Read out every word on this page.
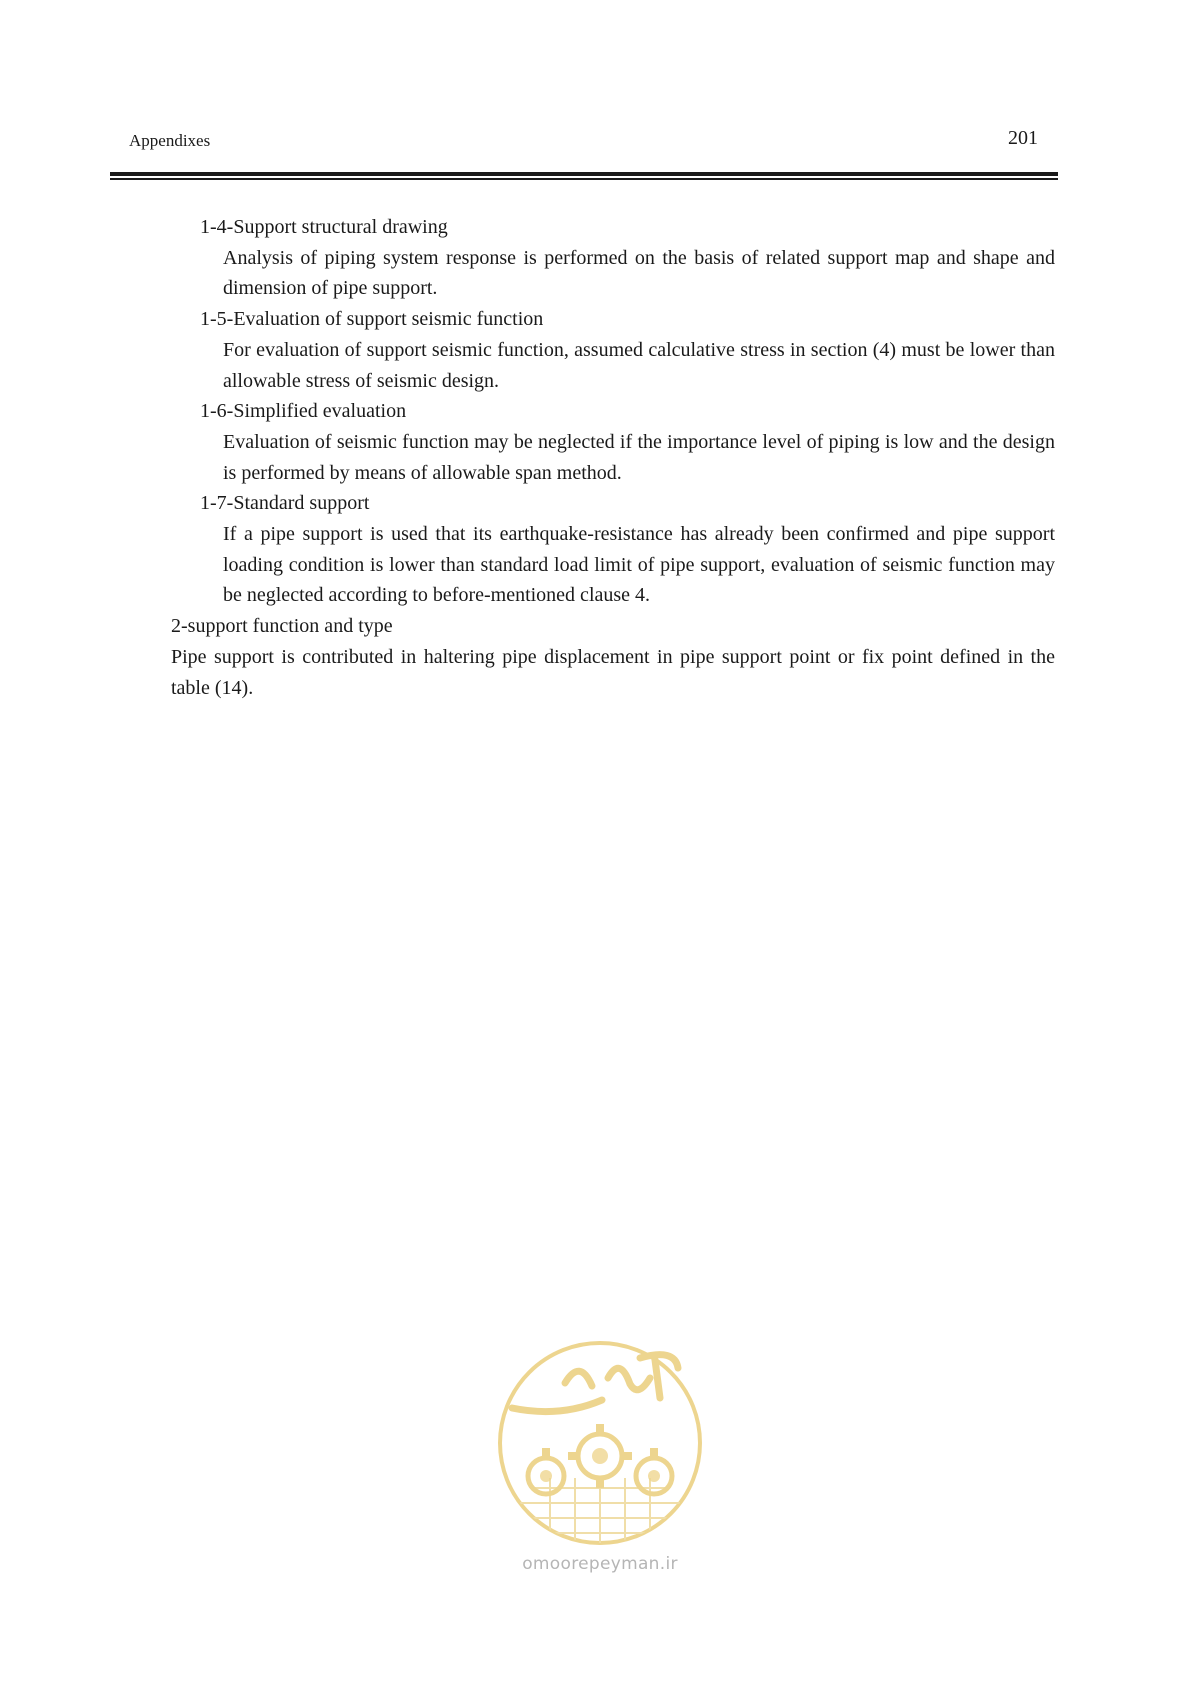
Appendixes	201
1-4-Support structural drawing
Analysis of piping system response is performed on the basis of related support map and shape and dimension of pipe support.
1-5-Evaluation of support seismic function
For evaluation of support seismic function, assumed calculative stress in section (4) must be lower than allowable stress of seismic design.
1-6-Simplified evaluation
Evaluation of seismic function may be neglected if the importance level of piping is low and the design is performed by means of allowable span method.
1-7-Standard support
If a pipe support is used that its earthquake-resistance has already been confirmed and pipe support loading condition is lower than standard load limit of pipe support, evaluation of seismic function may be neglected according to before-mentioned clause 4.
2-support function and type
Pipe support is contributed in haltering pipe displacement in pipe support point or fix point defined in the table (14).
omoorepeyman.ir
